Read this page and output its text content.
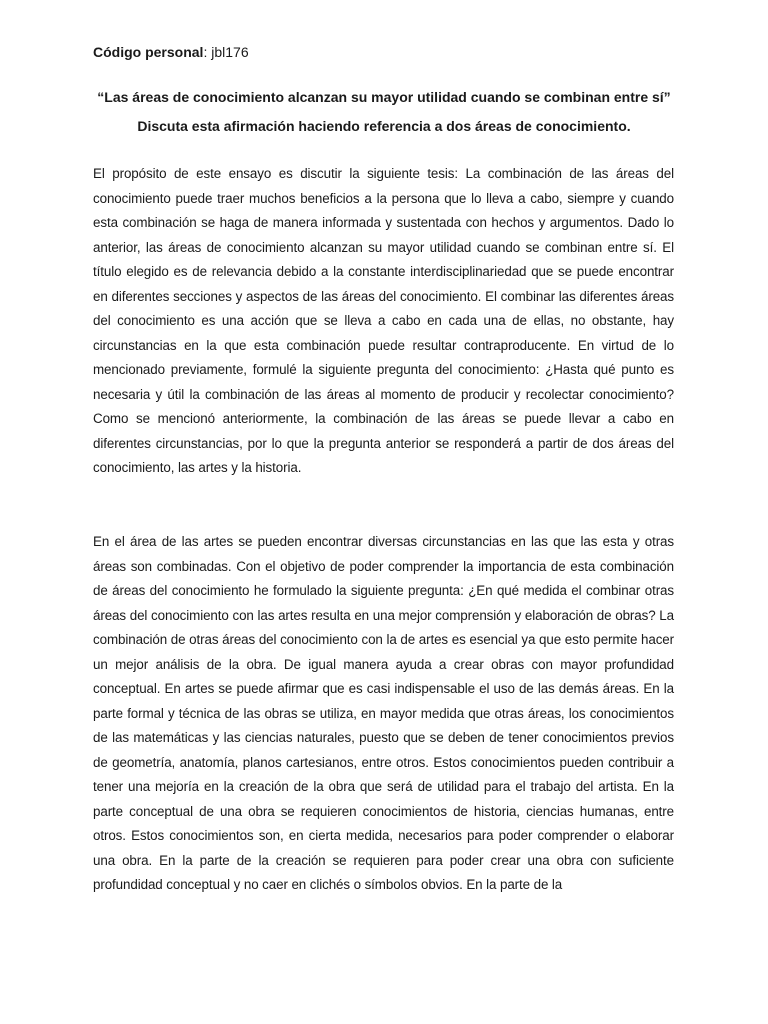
Código personal: jbl176
“Las áreas de conocimiento alcanzan su mayor utilidad cuando se combinan entre sí”
Discuta esta afirmación haciendo referencia a dos áreas de conocimiento.

El propósito de este ensayo es discutir la siguiente tesis: La combinación de las áreas del conocimiento puede traer muchos beneficios a la persona que lo lleva a cabo, siempre y cuando esta combinación se haga de manera informada y sustentada con hechos y argumentos. Dado lo anterior, las áreas de conocimiento alcanzan su mayor utilidad cuando se combinan entre sí. El título elegido es de relevancia debido a la constante interdisciplinariedad que se puede encontrar en diferentes secciones y aspectos de las áreas del conocimiento. El combinar las diferentes áreas del conocimiento es una acción que se lleva a cabo en cada una de ellas, no obstante, hay circunstancias en la que esta combinación puede resultar contraproducente. En virtud de lo mencionado previamente, formulé la siguiente pregunta del conocimiento: ¿Hasta qué punto es necesaria y útil la combinación de las áreas al momento de producir y recolectar conocimiento? Como se mencionó anteriormente, la combinación de las áreas se puede llevar a cabo en diferentes circunstancias, por lo que la pregunta anterior se responderá a partir de dos áreas del conocimiento, las artes y la historia.

En el área de las artes se pueden encontrar diversas circunstancias en las que las esta y otras áreas son combinadas. Con el objetivo de poder comprender la importancia de esta combinación de áreas del conocimiento he formulado la siguiente pregunta: ¿En qué medida el combinar otras áreas del conocimiento con las artes resulta en una mejor comprensión y elaboración de obras? La combinación de otras áreas del conocimiento con la de artes es esencial ya que esto permite hacer un mejor análisis de la obra. De igual manera ayuda a crear obras con mayor profundidad conceptual. En artes se puede afirmar que es casi indispensable el uso de las demás áreas. En la parte formal y técnica de las obras se utiliza, en mayor medida que otras áreas, los conocimientos de las matemáticas y las ciencias naturales, puesto que se deben de tener conocimientos previos de geometría, anatomía, planos cartesianos, entre otros. Estos conocimientos pueden contribuir a tener una mejoría en la creación de la obra que será de utilidad para el trabajo del artista. En la parte conceptual de una obra se requieren conocimientos de historia, ciencias humanas, entre otros. Estos conocimientos son, en cierta medida, necesarios para poder comprender o elaborar una obra. En la parte de la creación se requieren para poder crear una obra con suficiente profundidad conceptual y no caer en clichés o símbolos obvios. En la parte de la
